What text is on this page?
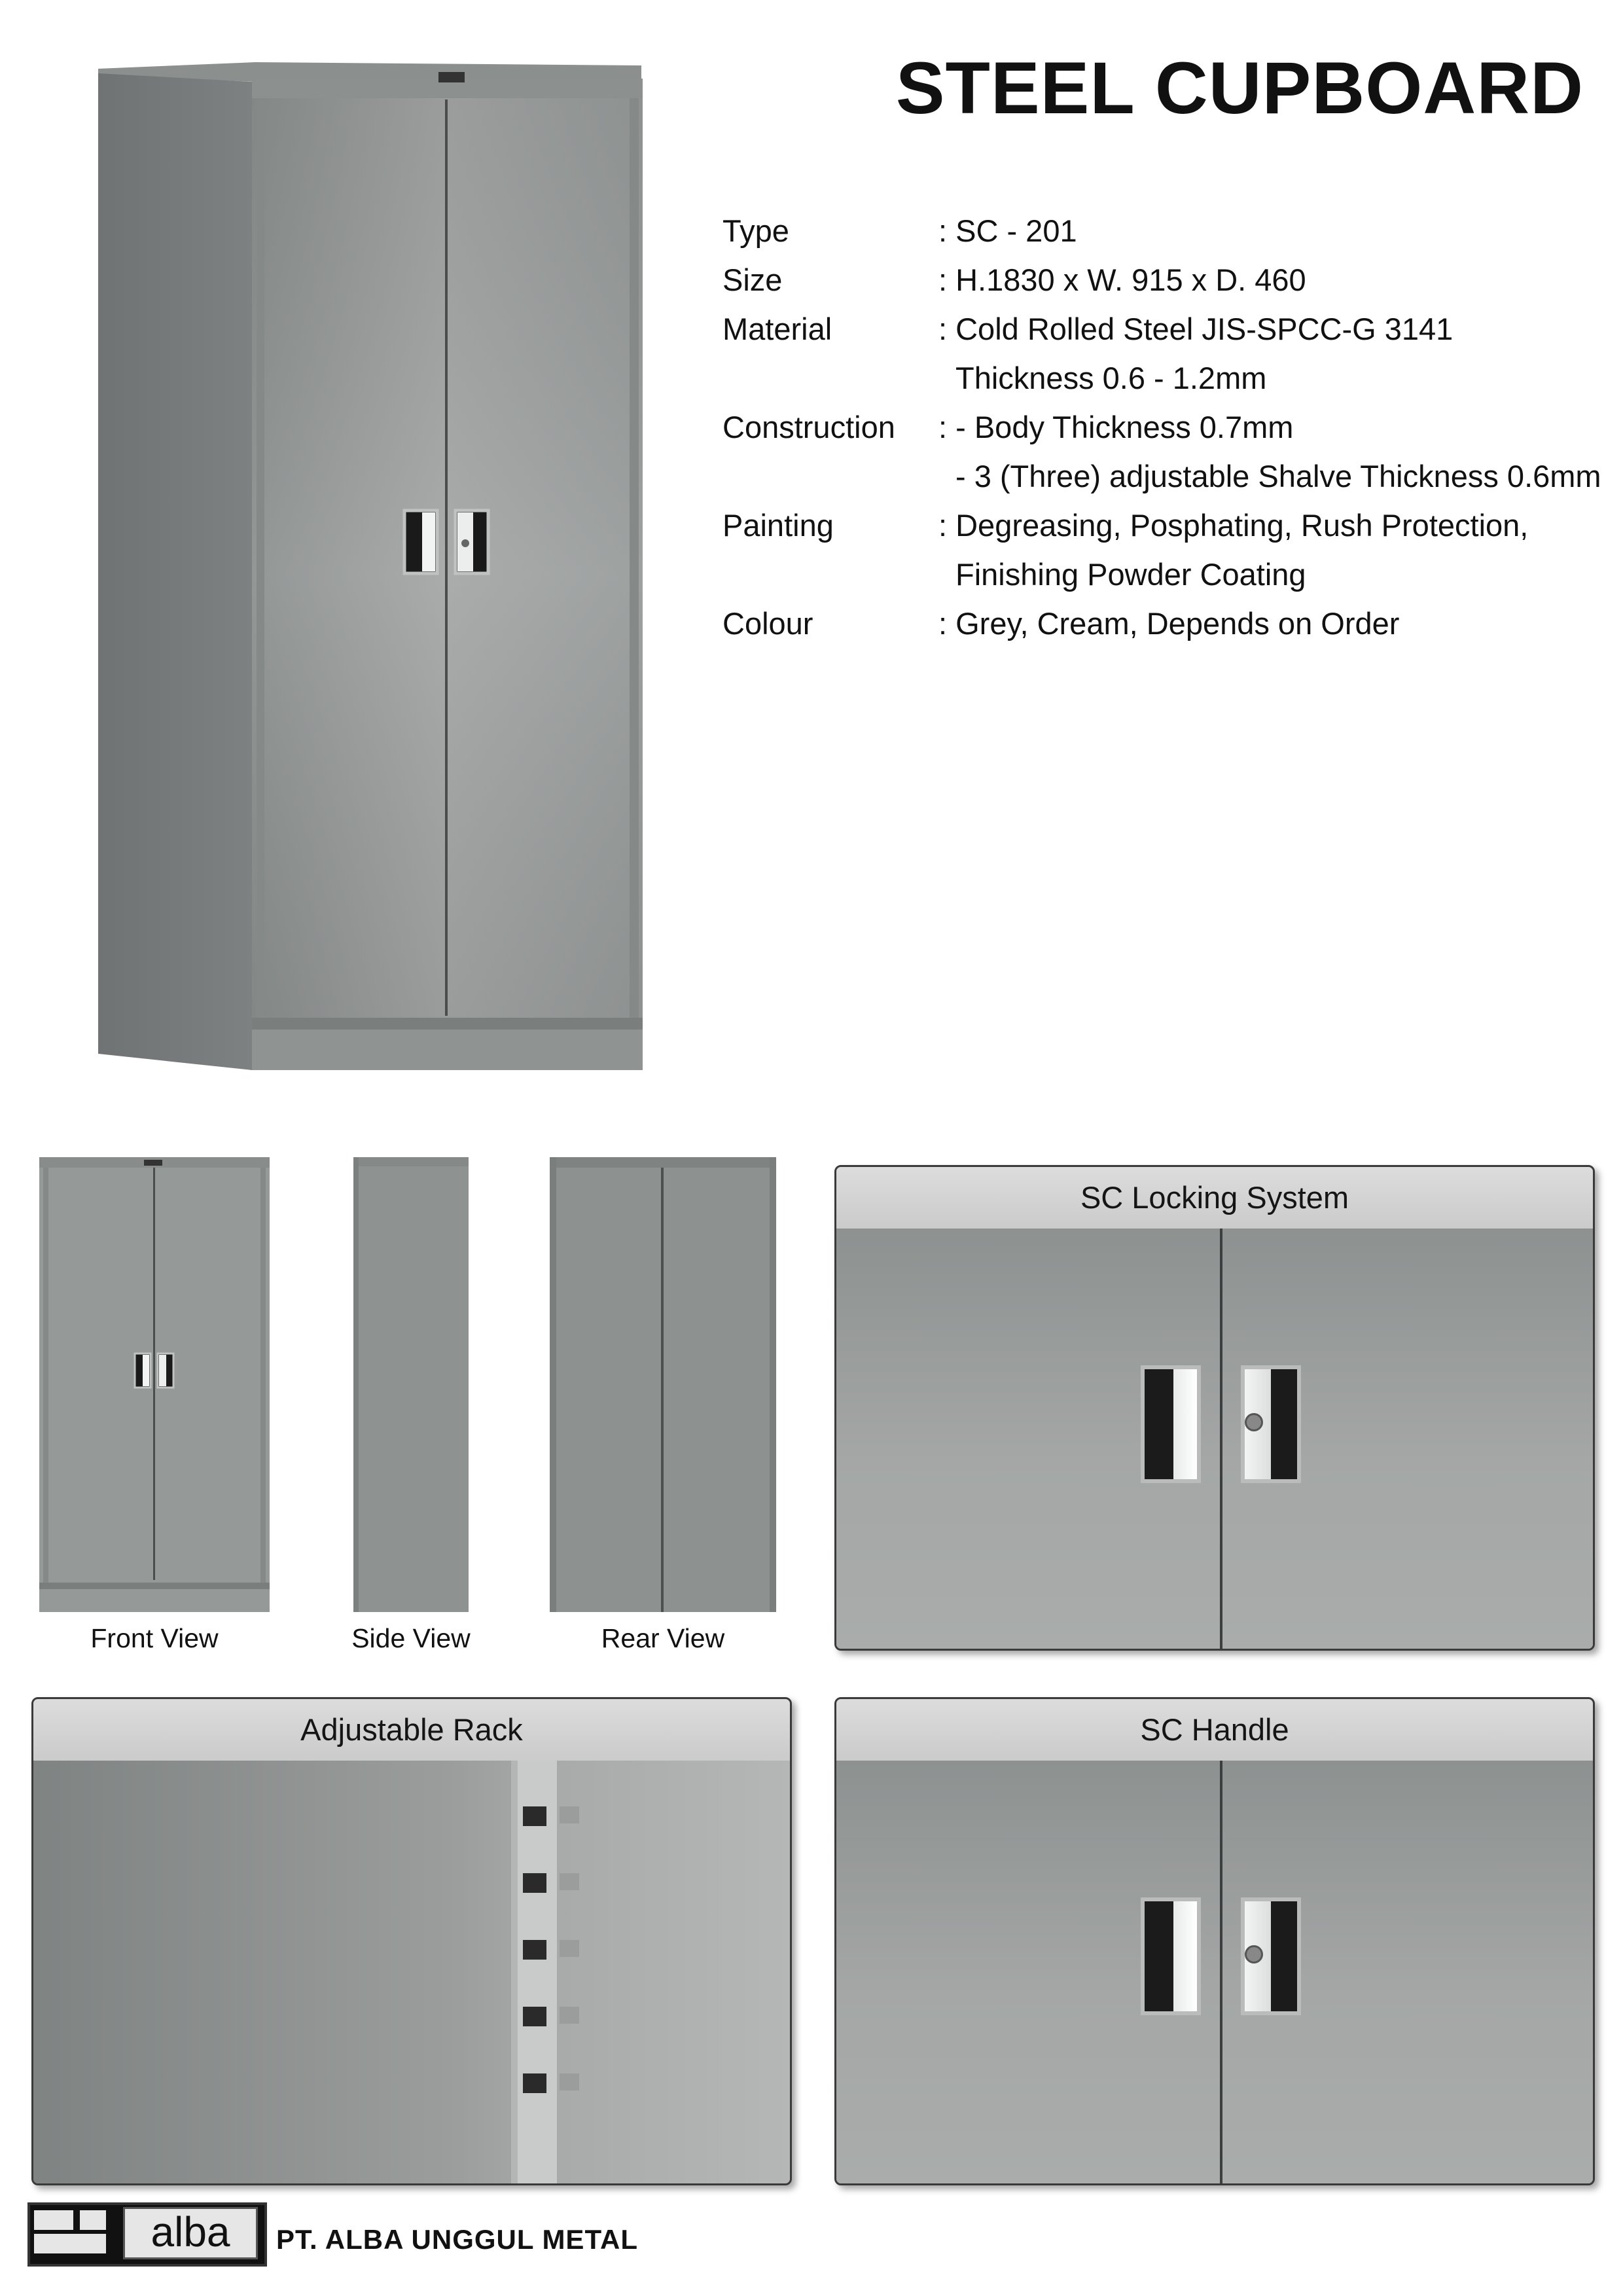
STEEL CUPBOARD
Type	: SC - 201
Size	: H.1830 x W. 915 x D. 460
Material	: Cold Rolled Steel JIS-SPCC-G 3141
Thickness 0.6 - 1.2mm
Construction : - Body Thickness 0.7mm
- 3 (Three) adjustable Shalve Thickness 0.6mm
Painting	: Degreasing, Posphating, Rush Protection,
Finishing Powder Coating
Colour	: Grey, Cream, Depends on Order
Front View	Side View	Rear View
SC Locking System
Adjustable Rack	SC Handle
alba	PT. ALBA UNGGUL METAL
